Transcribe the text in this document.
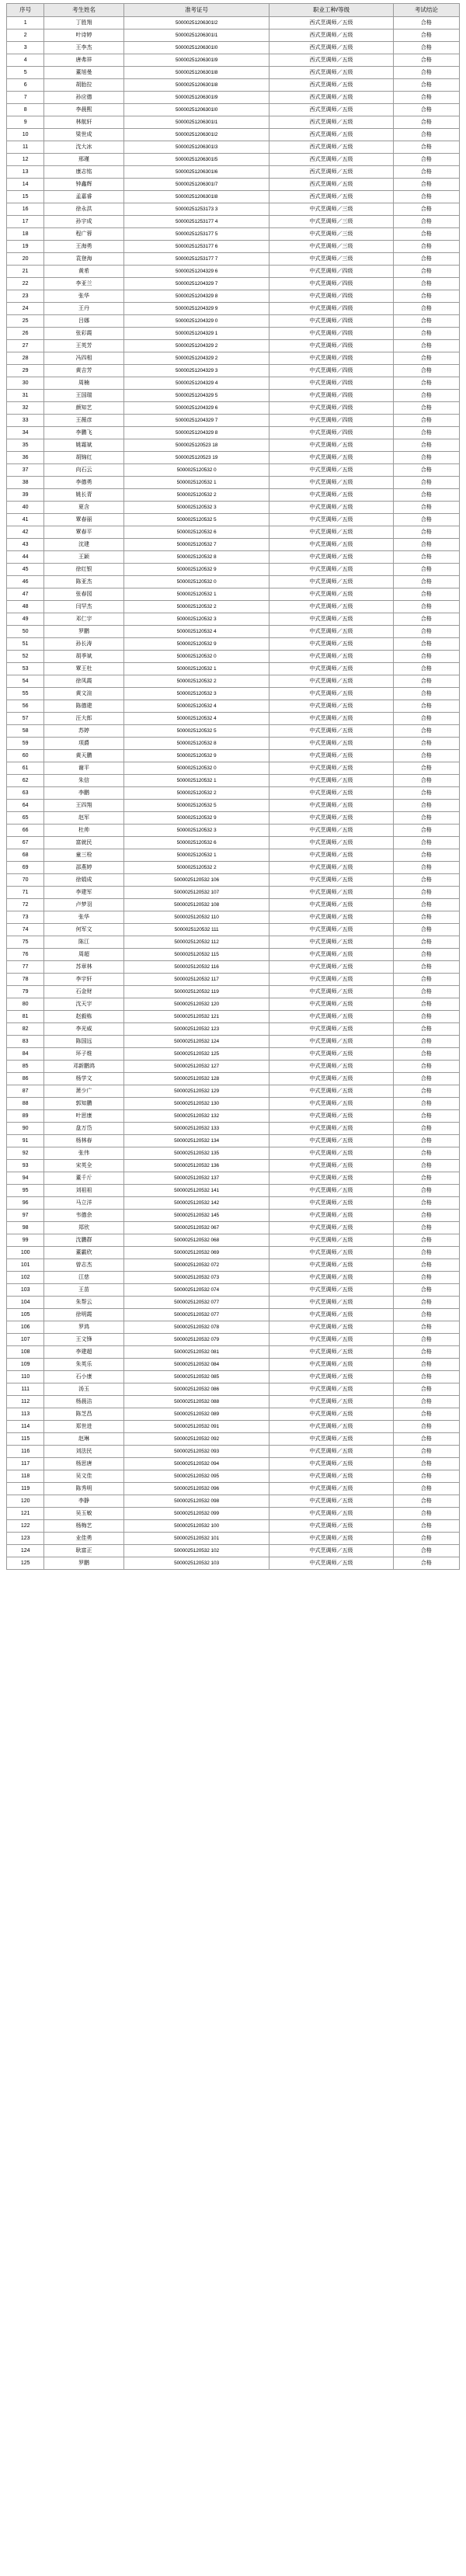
序号	考生姓名	准考证号	职业工种/等级	考试结论
1	丁胜翔	50000251206301I2	西式烹调师／五级	合格
2	叶诗婷	50000251206301I1	西式烹调师／五级	合格
3	王李杰	50000251206301I0	西式烹调师／五级	合格
4	唐弗祥	50000251206301I9	西式烹调师／五级	合格
5	董旭曼	50000251206301I8	西式烹调师／五级	合格
6	胡胎拉	50000251206301I8	西式烹调师／五级	合格
7	孙应德	50000251206301I9	西式烹调师／五级	合格
8	李晨熙	50000251206301I0	西式烹调师／五级	合格
9	林航轩	50000251206301I1	西式烹调师／五级	合格
10	梁世成	50000251206301I2	西式烹调师／五级	合格
11	沈大冰	50000251206301I3	西式烹调师／五级	合格
12	邢瑾	50000251206301I5	西式烹调师／五级	合格
13	康志铭	50000251206301I6	西式烹调师／五级	合格
14	钟鑫辉	50000251206301I7	西式烹调师／五级	合格
15	孟嘉睿	50000251206301I8	西式烹调师／五级	合格
16	徐永洪	50000251253173 3	中式烹调师／三级	合格
17	孙宇成	50000251253177 4	中式烹调师／三级	合格
18	程广蓉	50000251253177 5	中式烹调师／三级	合格
19	王海勇	50000251253177 6	中式烹调师／三级	合格
20	袁登海	50000251253177 7	中式烹调师／三级	合格
21	黄希	50000251204329 6	中式烹调师／四级	合格
22	李亚兰	50000251204329 7	中式烹调师／四级	合格
23	张华	50000251204329 8	中式烹调师／四级	合格
24	王丹	50000251204329 9	中式烹调师／四级	合格
25	吕娜	50000251204329 0	中式烹调师／四级	合格
26	张彩霞	50000251204329 1	中式烹调师／四级	合格
27	王英芳	50000251204329 2	中式烹调师／四级	合格
28	冯四相	50000251204329 2	中式烹调师／四级	合格
29	黄吉芳	50000251204329 3	中式烹调师／四级	合格
30	周楠	50000251204329 4	中式烹调师／四级	合格
31	王国瑞	50000251204329 5	中式烹调师／四级	合格
32	颜知艺	50000251204329 6	中式烹调师／四级	合格
33	王薇彦	50000251204329 7	中式烹调师／四级	合格
34	李鹏飞	50000251204329 8	中式烹调师／四级	合格
35	姚霜斌	5000025120523 18	中式烹调师／五级	合格
36	胡锦红	5000025120523 19	中式烹调师／五级	合格
37	向石云	5000025120532 0	中式烹调师／五级	合格
38	李德勇	5000025120532 1	中式烹调师／五级	合格
39	姚长青	5000025120532 2	中式烹调师／五级	合格
40	夏含	5000025120532 3	中式烹调师／五级	合格
41	覃春丽	5000025120532 5	中式烹调师／五级	合格
42	覃春平	5000025120532 6	中式烹调师／五级	合格
43	沈建	5000025120532 7	中式烹调师／五级	合格
44	王颖	5000025120532 8	中式烹调师／五级	合格
45	徐红银	5000025120532 9	中式烹调师／五级	合格
46	陈亚杰	5000025120532 0	中式烹调师／五级	合格
47	张春园	5000025120532 1	中式烹调师／五级	合格
48	闫罕杰	5000025120532 2	中式烹调师／五级	合格
49	邓仁宇	5000025120532 3	中式烹调师／五级	合格
50	罗鹏	5000025120532 4	中式烹调师／五级	合格
51	孙长涛	5000025120532 9	中式烹调师／五级	合格
52	胡季斌	5000025120532 0	中式烹调师／五级	合格
53	覃王杜	5000025120532 1	中式烹调师／五级	合格
54	徐凤霞	5000025120532 2	中式烹调师／五级	合格
55	黄文渲	5000025120532 3	中式烹调师／五级	合格
56	陈德建	5000025120532 4	中式烹调师／五级	合格
57	汪大郎	5000025120532 4	中式烹调师／五级	合格
58	苏婷	5000025120532 5	中式烹调师／五级	合格
59	项爵	5000025120532 8	中式烹调师／五级	合格
60	黄天鹏	5000025120532 9	中式烹调师／五级	合格
61	谢平	5000025120532 0	中式烹调师／五级	合格
62	朱信	5000025120532 1	中式烹调师／五级	合格
63	李鹏	5000025120532 2	中式烹调师／五级	合格
64	王四翔	5000025120532 5	中式烹调师／五级	合格
65	赵军	5000025120532 9	中式烹调师／五级	合格
66	杜帅	5000025120532 3	中式烹调师／五级	合格
67	富就民	5000025120532 6	中式烹调师／五级	合格
68	童三栓	5000025120532 1	中式烹调师／五级	合格
69	邵燕婷	5000025120532 2	中式烹调师／五级	合格
70	徐娟成	5000025120532 106	中式烹调师／五级	合格
71	李建军	5000025120532 107	中式烹调师／五级	合格
72	卢梦羽	5000025120532 108	中式烹调师／五级	合格
73	张华	5000025120532 110	中式烹调师／五级	合格
74	何军文	5000025120532 111	中式烹调师／五级	合格
75	陈江	5000025120532 112	中式烹调师／五级	合格
76	周超	5000025120532 115	中式烹调师／五级	合格
77	苏章林	5000025120532 116	中式烹调师／五级	合格
78	李宇轩	5000025120532 117	中式烹调师／五级	合格
79	石金财	5000025120532 119	中式烹调师／五级	合格
80	沈天宇	5000025120532 120	中式烹调师／五级	合格
81	赵毅栋	5000025120532 121	中式烹调师／五级	合格
82	李光威	5000025120532 123	中式烹调师／五级	合格
83	陈国远	5000025120532 124	中式烹调师／五级	合格
84	环子维	5000025120532 125	中式烹调师／五级	合格
85	邓新鹏鸿	5000025120532 127	中式烹调师／五级	合格
86	杨学文	5000025120532 128	中式烹调师／五级	合格
87	萧少广	5000025120532 129	中式烹调师／五级	合格
88	郭知鹏	5000025120532 130	中式烹调师／五级	合格
89	叶思康	5000025120532 132	中式烹调师／五级	合格
90	盘万岱	5000025120532 133	中式烹调师／五级	合格
91	杨林春	5000025120532 134	中式烹调师／五级	合格
92	张伟	5000025120532 135	中式烹调师／五级	合格
93	宋英全	5000025120532 136	中式烹调师／五级	合格
94	董千斤	5000025120532 137	中式烹调师／五级	合格
95	刘祖祖	5000025120532 141	中式烹调师／五级	合格
96	马立洋	5000025120532 142	中式烹调师／五级	合格
97	韦德余	5000025120532 145	中式烹调师／五级	合格
98	郑欣	5000025120532 067	中式烹调师／五级	合格
99	沈鹏群	5000025120532 068	中式烹调师／五级	合格
100	董霸欣	5000025120532 069	中式烹调师／五级	合格
101	曾志杰	5000025120532 072	中式烹调师／五级	合格
102	江慈	5000025120532 073	中式烹调师／五级	合格
103	王苗	5000025120532 074	中式烹调师／五级	合格
104	朱帮云	5000025120532 077	中式烹调师／五级	合格
105	徐明霞	5000025120532 077	中式烹调师／五级	合格
106	罗鸿	5000025120532 078	中式烹调师／五级	合格
107	王文锋	5000025120532 079	中式烹调师／五级	合格
108	李建超	5000025120532 081	中式烹调师／五级	合格
109	朱英乐	5000025120532 084	中式烹调师／五级	合格
110	石小康	5000025120532 085	中式烹调师／五级	合格
111	汤玉	5000025120532 086	中式烹调师／五级	合格
112	杨晨洁	5000025120532 088	中式烹调师／五级	合格
113	陈芝昌	5000025120532 089	中式烹调师／五级	合格
114	郑世进	5000025120532 091	中式烹调师／五级	合格
115	赵琳	5000025120532 092	中式烹调师／五级	合格
116	刘法民	5000025120532 093	中式烹调师／五级	合格
117	杨思唐	5000025120532 094	中式烹调师／五级	合格
118	吴文佳	5000025120532 095	中式烹调师／五级	合格
119	陈秀明	5000025120532 096	中式烹调师／五级	合格
120	李静	5000025120532 098	中式烹调师／五级	合格
121	吴玉敏	5000025120532 099	中式烹调师／五级	合格
122	杨梅艺	5000025120532 100	中式烹调师／五级	合格
123	业佳勇	5000025120532 101	中式烹调师／五级	合格
124	耿富正	5000025120532 102	中式烹调师／五级	合格
125	罗鹏	5000025120532 103	中式烹调师／五级	合格
